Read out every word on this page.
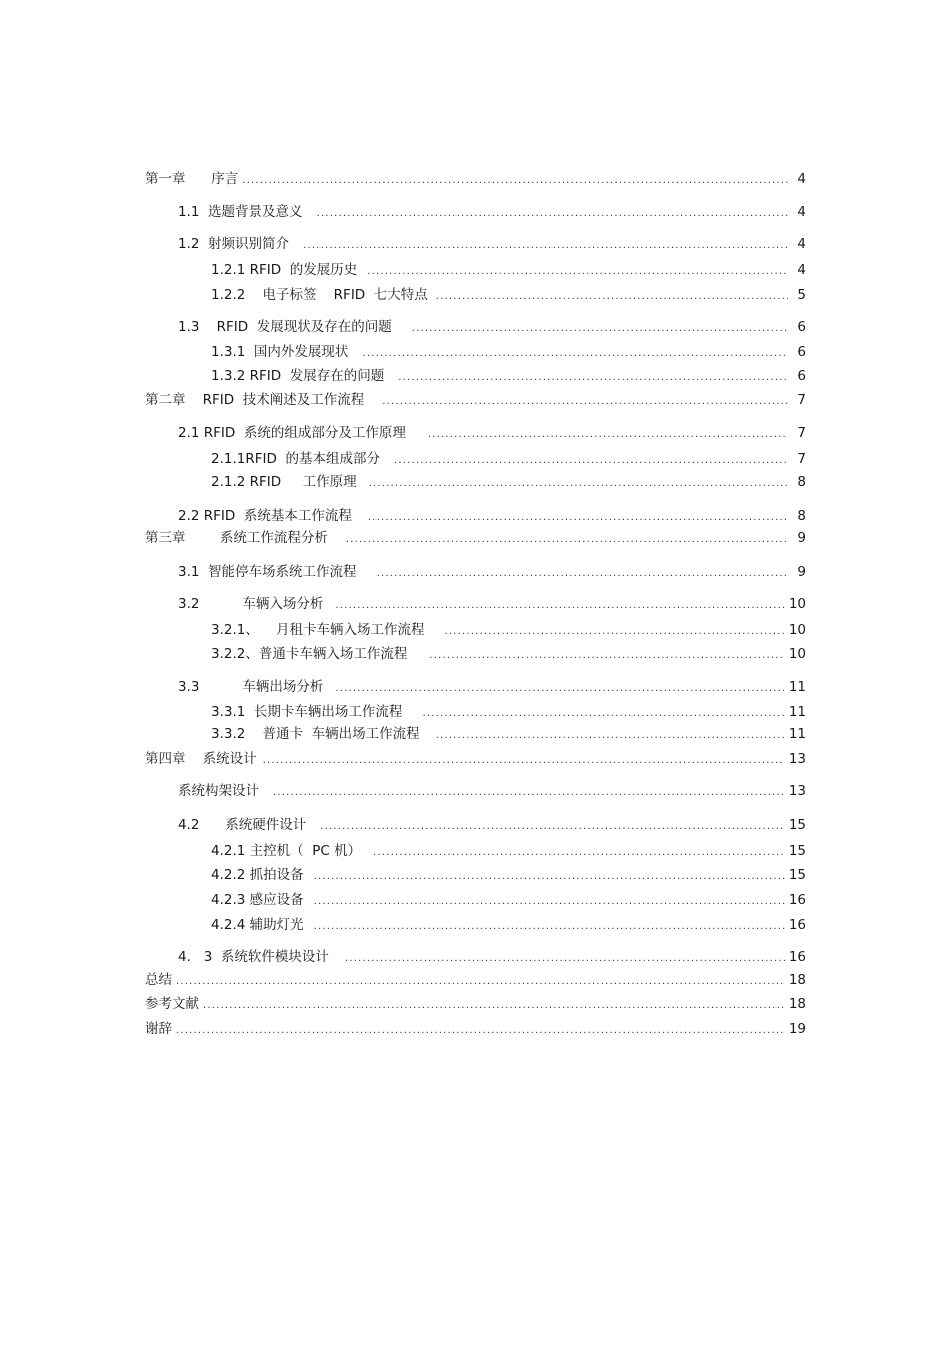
第一章      序言 .....	4
1.1  选题背景及意义 .....	4
1.2  射频识别简介 .....	4
1.2.1 RFID  的发展历史 .....	4
1.2.2    电子标签    RFID  七大特点 .....	5
1.3    RFID  发展现状及存在的问题 .....	6
1.3.1  国内外发展现状 .....	6
1.3.2 RFID  发展存在的问题 .....	6
第二章    RFID  技术阐述及工作流程 .....	7
2.1 RFID  系统的组成部分及工作原理 .....	7
2.1.1RFID  的基本组成部分 .....	7
2.1.2 RFID     工作原理 .....	8
2.2 RFID  系统基本工作流程 .....	8
第三章        系统工作流程分析 .....	9
3.1  智能停车场系统工作流程 .....	9
3.2          车辆入场分析 .....	10
3.2.1、    月租卡车辆入场工作流程 .....	10
3.2.2、普通卡车辆入场工作流程 .....	10
3.3          车辆出场分析 .....	11
3.3.1  长期卡车辆出场工作流程 .....	11
3.3.2    普通卡  车辆出场工作流程 .....	11
第四章    系统设计 .....	13
系统构架设计 .....	13
4.2      系统硬件设计 .....	15
4.2.1 主控机（  PC 机） .....	15
4.2.2 抓拍设备 .....	15
4.2.3 感应设备 .....	16
4.2.4 辅助灯光 .....	16
4.   3  系统软件模块设计 .....	16
总结 .....	18
参考文献 .....	18
谢辞 .....	19
